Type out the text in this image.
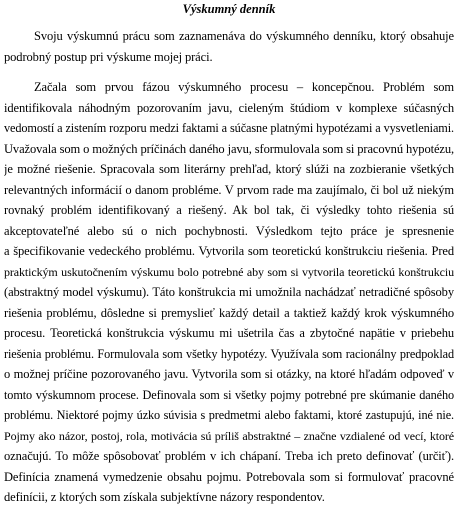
Výskumný denník

Svoju výskumnú prácu som zaznamenáva do výskumného denníku, ktorý obsahuje
podrobný postup pri výskume mojej práci.

Začala som prvou fázou výskumného procesu – koncepčnou. Problém som
identifikovala náhodným pozorovaním javu, cieleným štúdiom v komplexe súčasných
vedomostí a zistením rozporu medzi faktami a súčasne platnými hypotézami a vysvetleniami.
Uvažovala som o možných príčinách daného javu, sformulovala som si pracovnú hypotézu,
je možné riešenie. Spracovala som literárny prehľad, ktorý slúži na zozbieranie všetkých
relevantných informácií o danom probléme. V prvom rade ma zaujímalo, či bol už niekým
rovnaký problém identifikovaný a riešený. Ak bol tak, či výsledky tohto riešenia sú
akceptovateľné alebo sú o nich pochybnosti. Výsledkom tejto práce je spresnenie
a špecifikovanie vedeckého problému. Vytvorila som teoretickú konštrukciu riešenia. Pred
praktickým uskutočnením výskumu bolo potrebné aby som si vytvorila teoretickú konštrukciu
(abstraktný model výskumu). Táto konštrukcia mi umožnila nachádzať netradičné spôsoby
riešenia problému, dôsledne si premyslieť každý detail a taktiež každý krok výskumného
procesu. Teoretická konštrukcia výskumu mi ušetrila čas a zbytočné napätie v priebehu
riešenia problému. Formulovala som všetky hypotézy. Využívala som racionálny predpoklad
o možnej príčine pozorovaného javu. Vytvorila som si otázky, na ktoré hľadám odpoveď v
tomto výskumnom procese. Definovala som si všetky pojmy potrebné pre skúmanie daného
problému. Niektoré pojmy úzko súvisia s predmetmi alebo faktami, ktoré zastupujú, iné nie.
Pojmy ako názor, postoj, rola, motivácia sú príliš abstraktné – značne vzdialené od vecí, ktoré
označujú. To môže spôsobovať problém v ich chápaní. Treba ich preto definovať (určiť).
Definícia znamená vymedzenie obsahu pojmu. Potrebovala som si formulovať pracovné
definícii, z ktorých som získala subjektívne názory respondentov.
